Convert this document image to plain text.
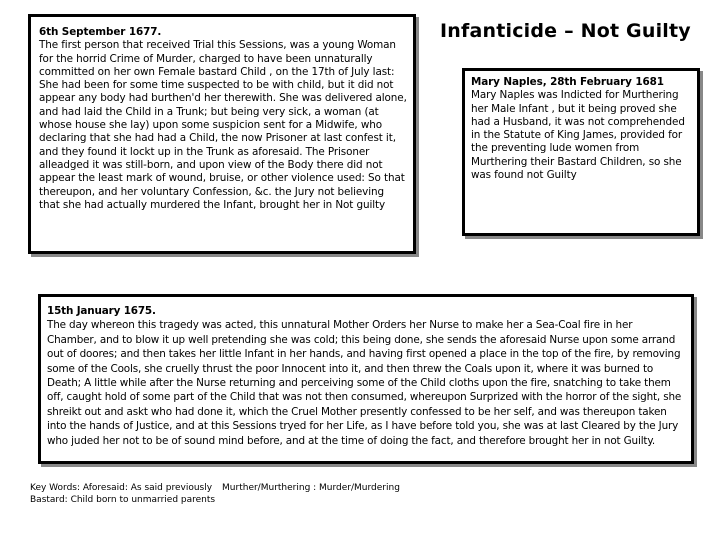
Infanticide – Not Guilty
6th September 1677.
The first person that received Trial this Sessions, was a young Woman for the horrid Crime of Murder, charged to have been unnaturally committed on her own Female bastard Child , on the 17th of July last: She had been for some time suspected to be with child, but it did not appear any body had burthen'd her therewith. She was delivered alone, and had laid the Child in a Trunk; but being very sick, a woman (at whose house she lay) upon some suspicion sent for a Midwife, who declaring that she had had a Child, the now Prisoner at last confest it, and they found it lockt up in the Trunk as aforesaid. The Prisoner alleadged it was still-born, and upon view of the Body there did not appear the least mark of wound, bruise, or other violence used: So that thereupon, and her voluntary Confession, &c. the Jury not believing that she had actually murdered the Infant, brought her in Not guilty
Mary Naples, 28th February 1681
Mary Naples was Indicted for Murthering her Male Infant , but it being proved she had a Husband, it was not comprehended in the Statute of King James, provided for the preventing lude women from Murthering their Bastard Children, so she was found not Guilty
15th January 1675.
The day whereon this tragedy was acted, this unnatural Mother Orders her Nurse to make her a Sea-Coal fire in her Chamber, and to blow it up well pretending she was cold; this being done, she sends the aforesaid Nurse upon some arrand out of doores; and then takes her little Infant in her hands, and having first opened a place in the top of the fire, by removing some of the Cools, she cruelly thrust the poor Innocent into it, and then threw the Coals upon it, where it was burned to Death; A little while after the Nurse returning and perceiving some of the Child cloths upon the fire, snatching to take them off, caught hold of some part of the Child that was not then consumed, whereupon Surprized with the horror of the sight, she shreikt out and askt who had done it, which the Cruel Mother presently confessed to be her self, and was thereupon taken into the hands of Justice, and at this Sessions tryed for her Life, as I have before told you, she was at last Cleared by the Jury who juded her not to be of sound mind before, and at the time of doing the fact, and therefore brought her in not Guilty.
Key Words: Aforesaid: As said previously Murther/Murthering : Murder/Murdering
Bastard: Child born to unmarried parents
